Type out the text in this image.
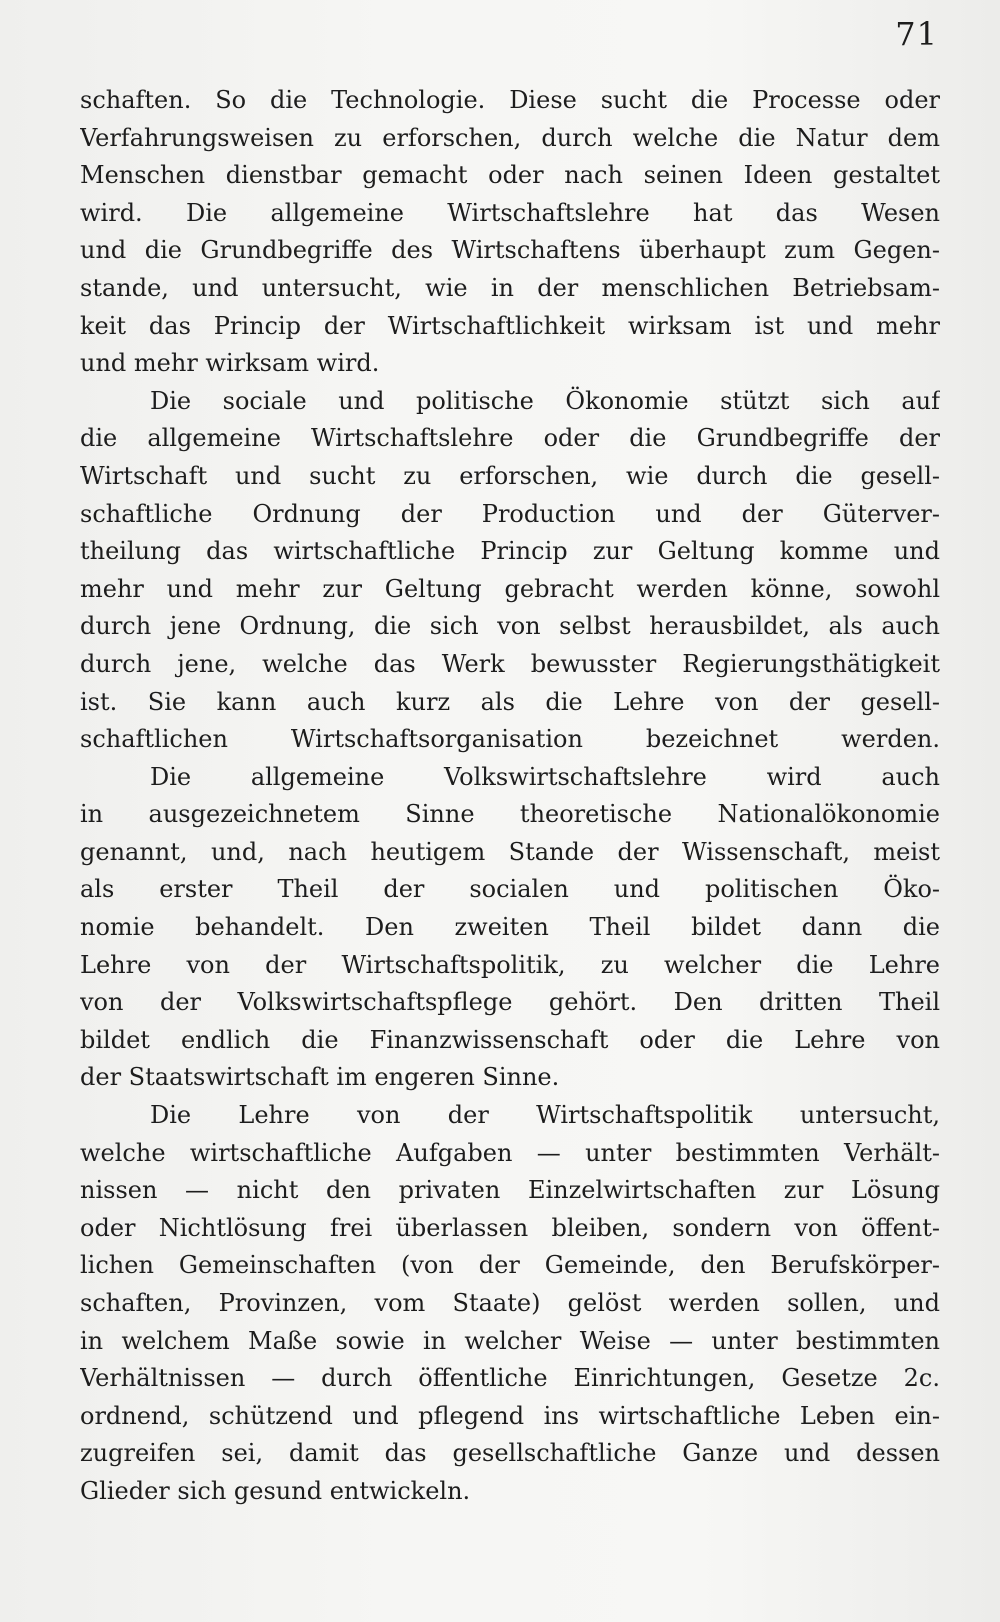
71
schaften. So die Technologie. Diese sucht die Processe oder
Verfahrungsweisen zu erforschen, durch welche die Natur dem
Menschen dienstbar gemacht oder nach seinen Ideen gestaltet
wird. Die allgemeine Wirtschaftslehre hat das Wesen
und die Grundbegriffe des Wirtschaftens überhaupt zum Gegen-
stande, und untersucht, wie in der menschlichen Betriebsam-
keit das Princip der Wirtschaftlichkeit wirksam ist und mehr
und mehr wirksam wird.
Die sociale und politische Ökonomie stützt sich auf
die allgemeine Wirtschaftslehre oder die Grundbegriffe der
Wirtschaft und sucht zu erforschen, wie durch die gesell-
schaftliche Ordnung der Production und der Güterver-
theilung das wirtschaftliche Princip zur Geltung komme und
mehr und mehr zur Geltung gebracht werden könne, sowohl
durch jene Ordnung, die sich von selbst herausbildet, als auch
durch jene, welche das Werk bewusster Regierungsthätigkeit
ist. Sie kann auch kurz als die Lehre von der gesell-
schaftlichen Wirtschaftsorganisation bezeichnet werden.
Die allgemeine Volkswirtschaftslehre wird auch
in ausgezeichnetem Sinne theoretische Nationalökonomie
genannt, und, nach heutigem Stande der Wissenschaft, meist
als erster Theil der socialen und politischen Öko-
nomie behandelt. Den zweiten Theil bildet dann die
Lehre von der Wirtschaftspolitik, zu welcher die Lehre
von der Volkswirtschaftspflege gehört. Den dritten Theil
bildet endlich die Finanzwissenschaft oder die Lehre von
der Staatswirtschaft im engeren Sinne.
Die Lehre von der Wirtschaftspolitik untersucht,
welche wirtschaftliche Aufgaben — unter bestimmten Verhält-
nissen — nicht den privaten Einzelwirtschaften zur Lösung
oder Nichtlösung frei überlassen bleiben, sondern von öffent-
lichen Gemeinschaften (von der Gemeinde, den Berufskörper-
schaften, Provinzen, vom Staate) gelöst werden sollen, und
in welchem Maße sowie in welcher Weise — unter bestimmten
Verhältnissen — durch öffentliche Einrichtungen, Gesetze 2c.
ordnend, schützend und pflegend ins wirtschaftliche Leben ein-
zugreifen sei, damit das gesellschaftliche Ganze und dessen
Glieder sich gesund entwickeln.
